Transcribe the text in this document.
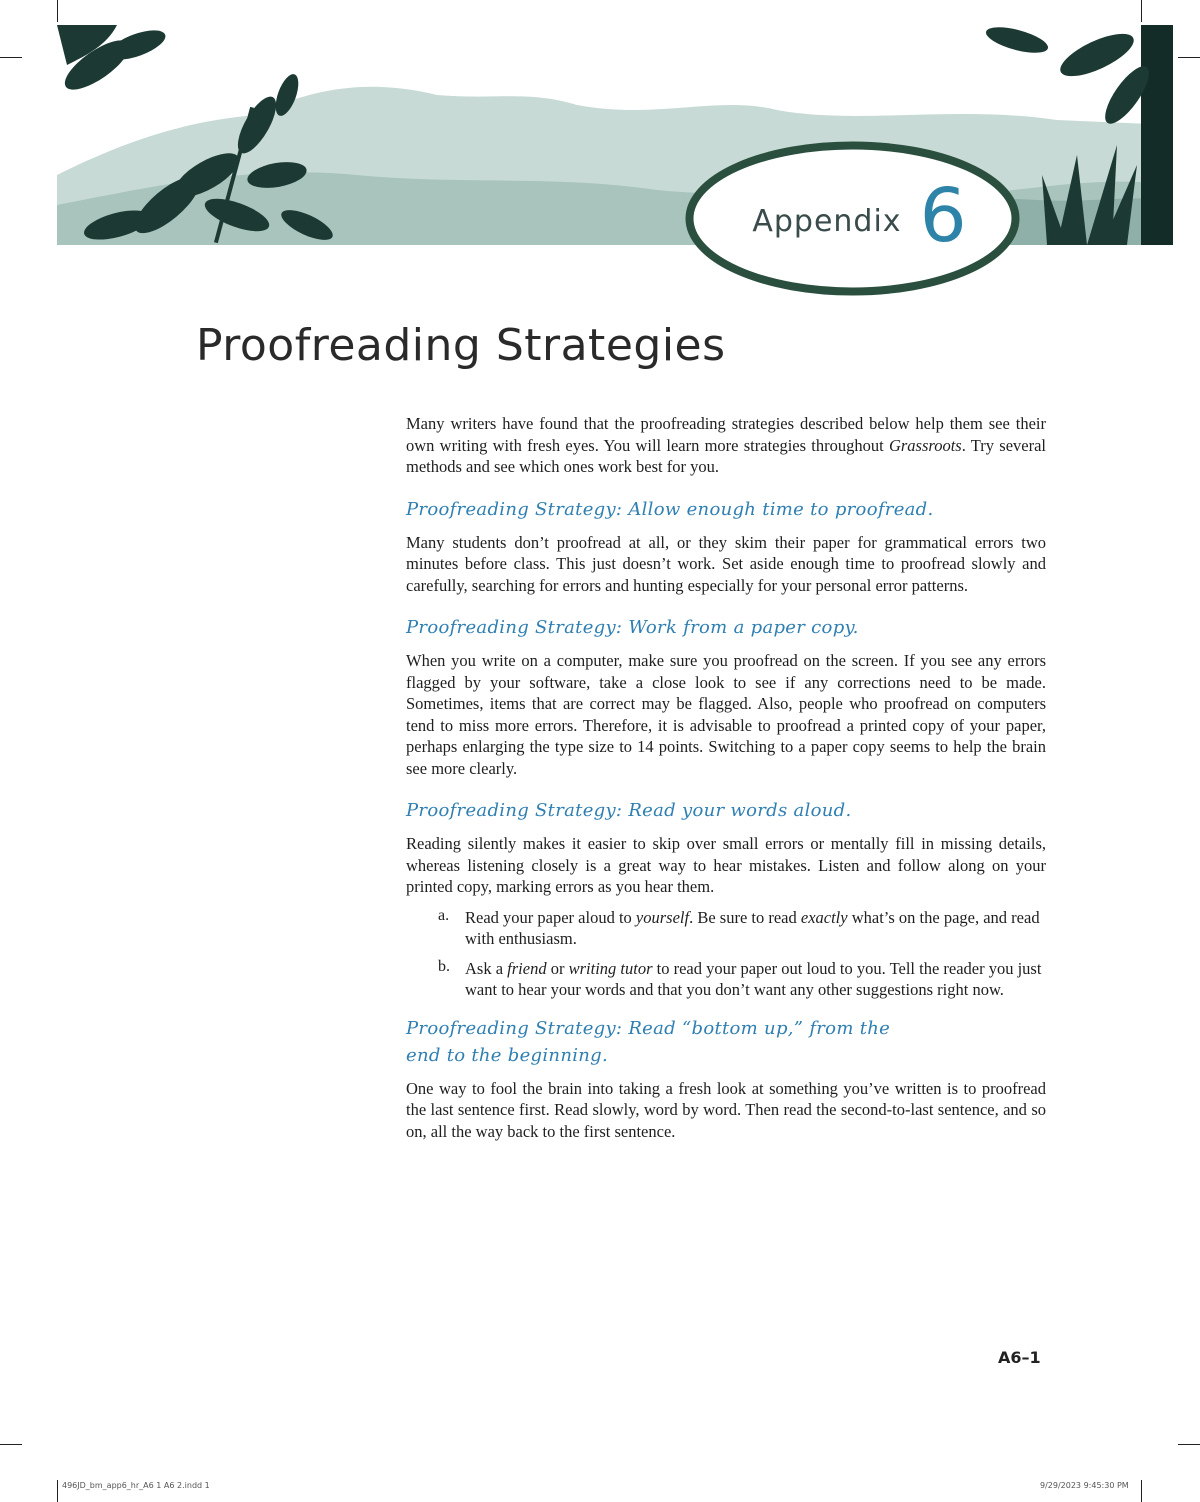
Appendix 6
Proofreading Strategies

Many writers have found that the proofreading strategies described below help them see their own writing with fresh eyes. You will learn more strategies throughout Grassroots. Try several methods and see which ones work best for you.

Proofreading Strategy: Allow enough time to proofread.

Many students don’t proofread at all, or they skim their paper for grammatical errors two minutes before class. This just doesn’t work. Set aside enough time to proofread slowly and carefully, searching for errors and hunting especially for your personal error patterns.

Proofreading Strategy: Work from a paper copy.

When you write on a computer, make sure you proofread on the screen. If you see any errors flagged by your software, take a close look to see if any corrections need to be made. Sometimes, items that are correct may be flagged. Also, people who proofread on computers tend to miss more errors. Therefore, it is advisable to proofread a printed copy of your paper, perhaps enlarging the type size to 14 points. Switching to a paper copy seems to help the brain see more clearly.

Proofreading Strategy: Read your words aloud.

Reading silently makes it easier to skip over small errors or mentally fill in missing details, whereas listening closely is a great way to hear mistakes. Listen and follow along on your printed copy, marking errors as you hear them.

a. Read your paper aloud to yourself. Be sure to read exactly what’s on the page, and read with enthusiasm.

b. Ask a friend or writing tutor to read your paper out loud to you. Tell the reader you just want to hear your words and that you don’t want any other suggestions right now.

Proofreading Strategy: Read “bottom up,” from the
end to the beginning.

One way to fool the brain into taking a fresh look at something you’ve written is to proofread the last sentence first. Read slowly, word by word. Then read the second-to-last sentence, and so on, all the way back to the first sentence.

A6–1
496JD_bm_app6_hr_A6 1 A6 2.indd 1	9/29/2023 9:45:30 PM
